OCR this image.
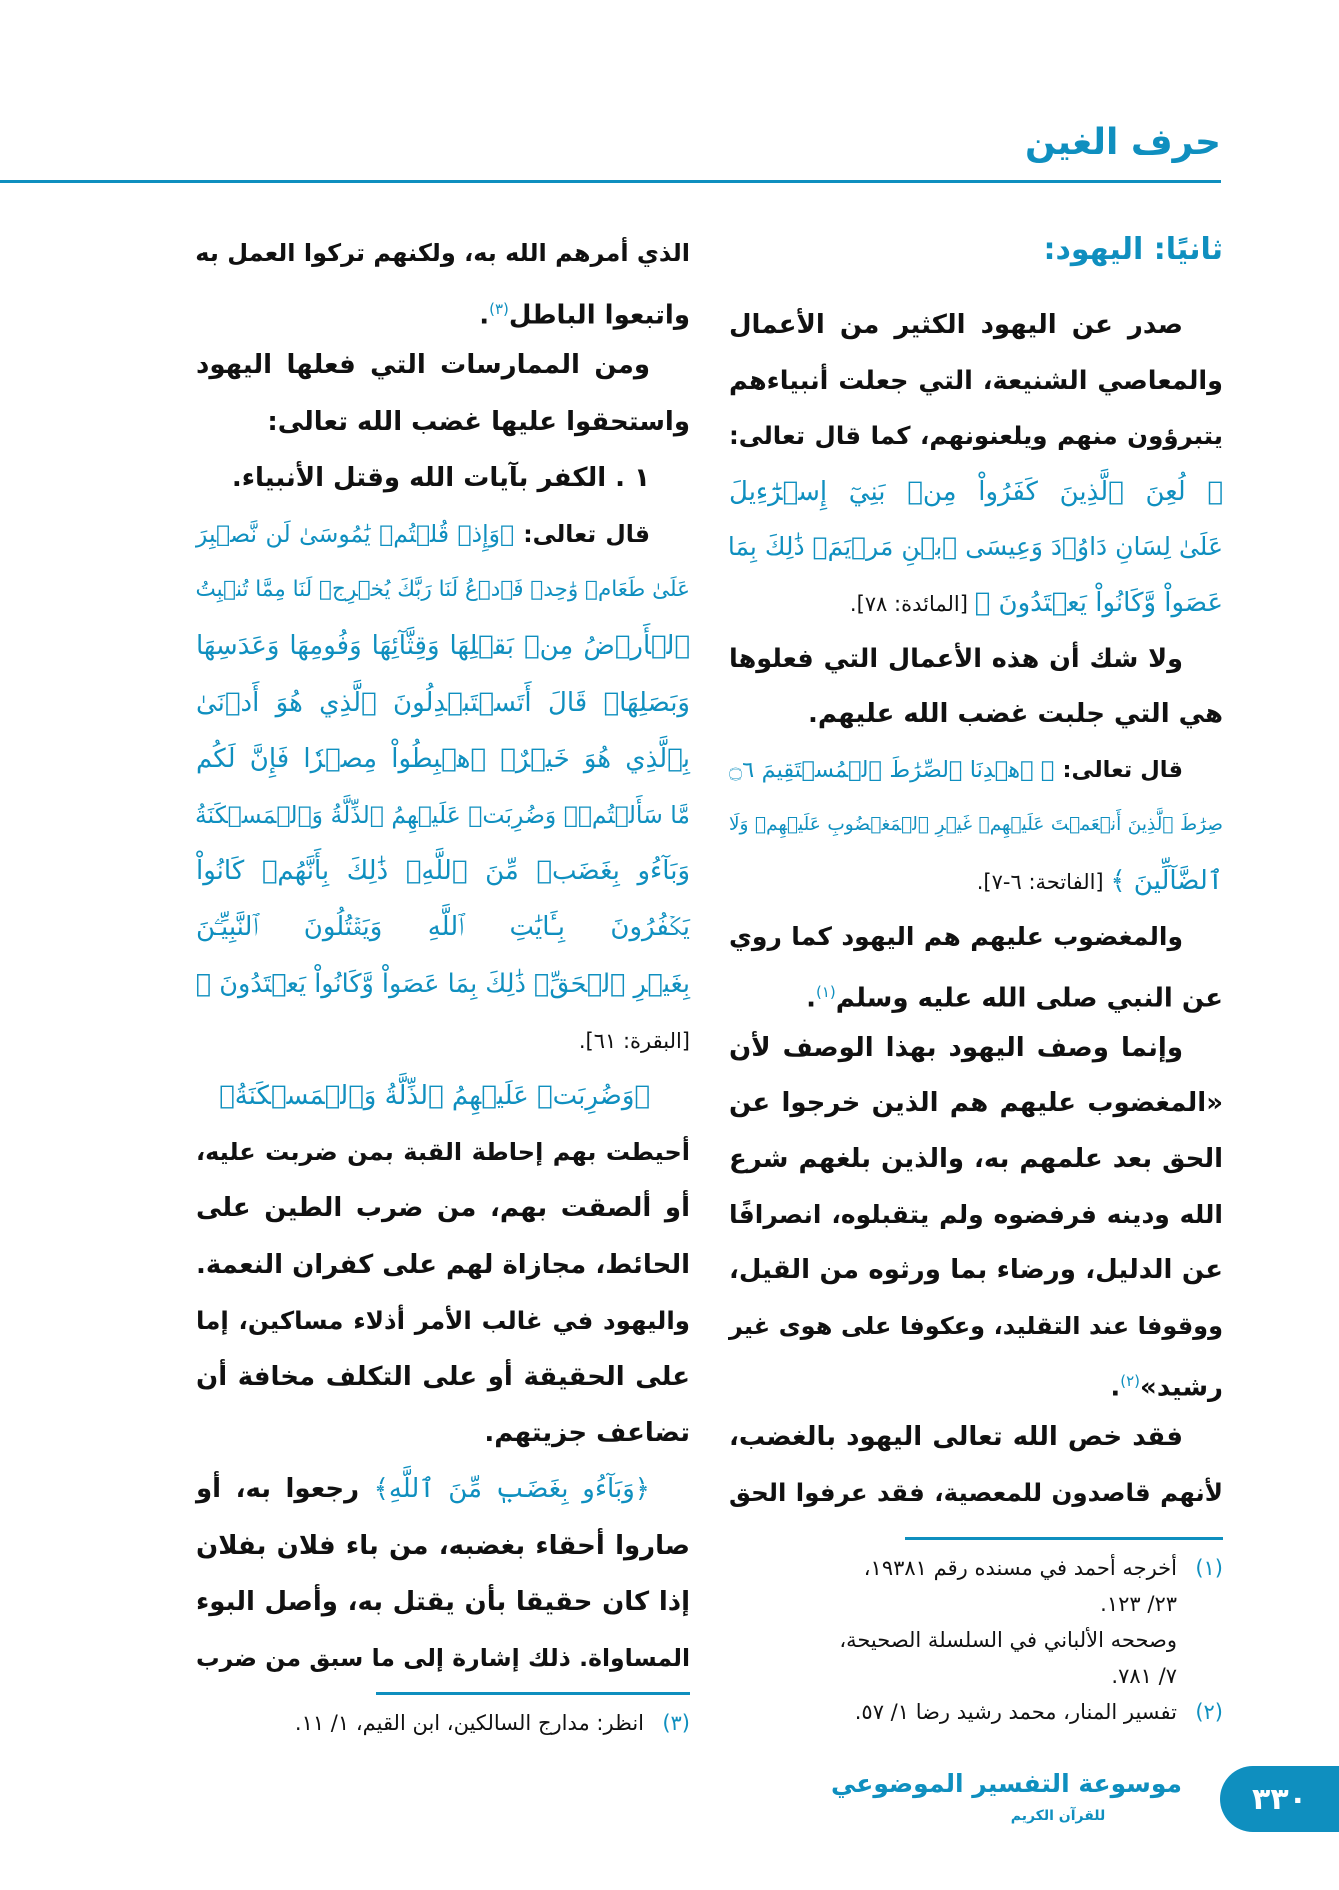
حرف الغين
ثانيًا: اليهود:
صدر عن اليهود الكثير من الأعمال
والمعاصي الشنيعة، التي جعلت أنبياءهم
يتبرؤون منهم ويلعنونهم، كما قال تعالى:
﴿ لُعِنَ ٱلَّذِينَ كَفَرُواْ مِنۢ بَنِيٓ إِسۡرَٰٓءِيلَ
عَلَىٰ لِسَانِ دَاوُۥدَ وَعِيسَى ٱبۡنِ مَرۡيَمَۚ ذَٰلِكَ بِمَا
عَصَواْ وَّكَانُواْ يَعۡتَدُونَ ﴾ [المائدة: ٧٨].
ولا شك أن هذه الأعمال التي فعلوها
هي التي جلبت غضب الله عليهم.
قال تعالى: ﴿ ٱهۡدِنَا ٱلصِّرَٰطَ ٱلۡمُسۡتَقِيمَ ۝٦
صِرَٰطَ ٱلَّذِينَ أَنۡعَمۡتَ عَلَيۡهِمۡ غَيۡرِ ٱلۡمَغۡضُوبِ عَلَيۡهِمۡ وَلَا
ٱلضَّآلِّينَ ﴾ [الفاتحة: ٦-٧].
والمغضوب عليهم هم اليهود كما روي
عن النبي صلى الله عليه وسلم$^{(١)}$.
وإنما وصف اليهود بهذا الوصف لأن
«المغضوب عليهم هم الذين خرجوا عن
الحق بعد علمهم به، والذين بلغهم شرع
الله ودينه فرفضوه ولم يتقبلوه، انصرافًا
عن الدليل، ورضاء بما ورثوه من القيل،
ووقوفا عند التقليد، وعكوفا على هوى غير
رشيد»$^{(٢)}$.
فقد خص الله تعالى اليهود بالغضب،
لأنهم قاصدون للمعصية، فقد عرفوا الحق
(١)
أخرجه أحمد في مسنده رقم ١٩٣٨١،
٢٣/ ١٢٣.
وصححه الألباني في السلسلة الصحيحة،
٧/ ٧٨١.
(٢)
تفسير المنار، محمد رشيد رضا ١/ ٥٧.
الذي أمرهم الله به، ولكنهم تركوا العمل به
واتبعوا الباطل$^{(٣)}$.
ومن الممارسات التي فعلها اليهود
واستحقوا عليها غضب الله تعالى:
١ . الكفر بآيات الله وقتل الأنبياء.
قال تعالى: ﴿وَإِذۡ قُلۡتُمۡ يَٰمُوسَىٰ لَن نَّصۡبِرَ
عَلَىٰ طَعَامٖ وَٰحِدٖ فَٱدۡعُ لَنَا رَبَّكَ يُخۡرِجۡ لَنَا مِمَّا تُنۢبِتُ
ٱلۡأَرۡضُ مِنۢ بَقۡلِهَا وَقِثَّآئِهَا وَفُومِهَا وَعَدَسِهَا
وَبَصَلِهَاۖ قَالَ أَتَسۡتَبۡدِلُونَ ٱلَّذِي هُوَ أَدۡنَىٰ
بِٱلَّذِي هُوَ خَيۡرٌۚ ٱهۡبِطُواْ مِصۡرٗا فَإِنَّ لَكُم
مَّا سَأَلۡتُمۡۗ وَضُرِبَتۡ عَلَيۡهِمُ ٱلذِّلَّةُ وَٱلۡمَسۡكَنَةُ
وَبَآءُو بِغَضَبٖ مِّنَ ٱللَّهِۗ ذَٰلِكَ بِأَنَّهُمۡ كَانُواْ
يَكۡفُرُونَ بِـَٔايَٰتِ ٱللَّهِ وَيَقۡتُلُونَ ٱلنَّبِيِّـۧنَ
بِغَيۡرِ ٱلۡحَقِّۗ ذَٰلِكَ بِمَا عَصَواْ وَّكَانُواْ يَعۡتَدُونَ ﴾
[البقرة: ٦١].
﴿وَضُرِبَتۡ عَلَيۡهِمُ ٱلذِّلَّةُ وَٱلۡمَسۡكَنَةُ﴾
أحيطت بهم إحاطة القبة بمن ضربت عليه،
أو ألصقت بهم، من ضرب الطين على
الحائط، مجازاة لهم على كفران النعمة.
واليهود في غالب الأمر أذلاء مساكين، إما
على الحقيقة أو على التكلف مخافة أن
تضاعف جزيتهم.
﴿وَبَآءُو بِغَضَبٖ مِّنَ ٱللَّهِ﴾ رجعوا به، أو
صاروا أحقاء بغضبه، من باء فلان بفلان
إذا كان حقيقا بأن يقتل به، وأصل البوء
المساواة. ذلك إشارة إلى ما سبق من ضرب
(٣)
انظر: مدارج السالكين، ابن القيم، ١/ ١١.
٣٣٠
موسوعة التفسير الموضوعي
للقرآن الكريم
